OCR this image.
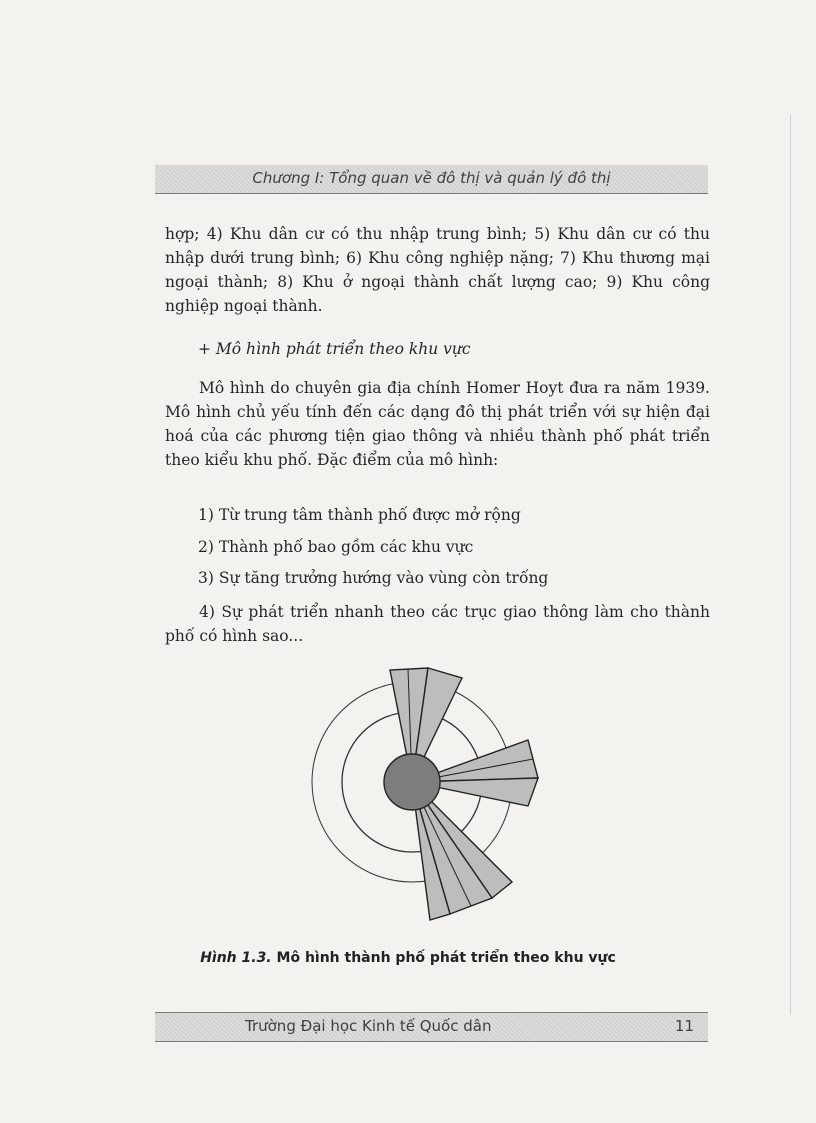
Chương I: Tổng quan về đô thị và quản lý đô thị

hợp; 4) Khu dân cư có thu nhập trung bình; 5) Khu dân cư có thu nhập dưới trung bình; 6) Khu công nghiệp nặng; 7) Khu thương mại ngoại thành; 8) Khu ở ngoại thành chất lượng cao; 9) Khu công nghiệp ngoại thành.

+ Mô hình phát triển theo khu vực

Mô hình do chuyên gia địa chính Homer Hoyt đưa ra năm 1939. Mô hình chủ yếu tính đến các dạng đô thị phát triển với sự hiện đại hoá của các phương tiện giao thông và nhiều thành phố phát triển theo kiểu khu phố. Đặc điểm của mô hình:

1) Từ trung tâm thành phố được mở rộng
2) Thành phố bao gồm các khu vực
3) Sự tăng trưởng hướng vào vùng còn trống

4) Sự phát triển nhanh theo các trục giao thông làm cho thành phố có hình sao...

Hình 1.3. Mô hình thành phố phát triển theo khu vực
Trường Đại học Kinh tế Quốc dân	11
